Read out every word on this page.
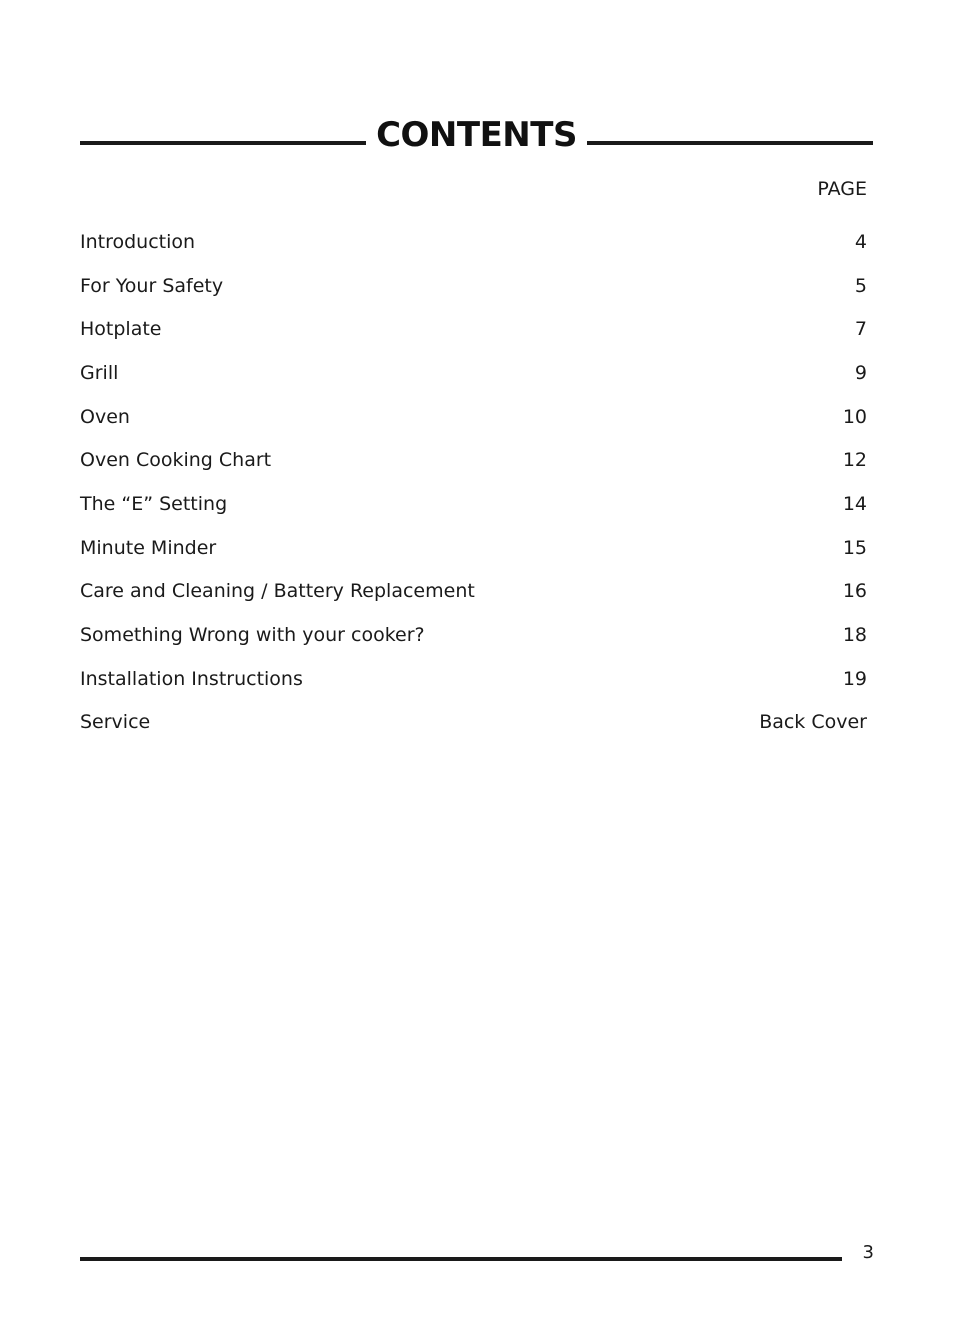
CONTENTS
PAGE
Introduction	4
For Your Safety	5
Hotplate	7
Grill	9
Oven	10
Oven Cooking Chart	12
The “E” Setting	14
Minute Minder	15
Care and Cleaning / Battery Replacement	16
Something Wrong with your cooker?	18
Installation Instructions	19
Service	Back Cover
3
